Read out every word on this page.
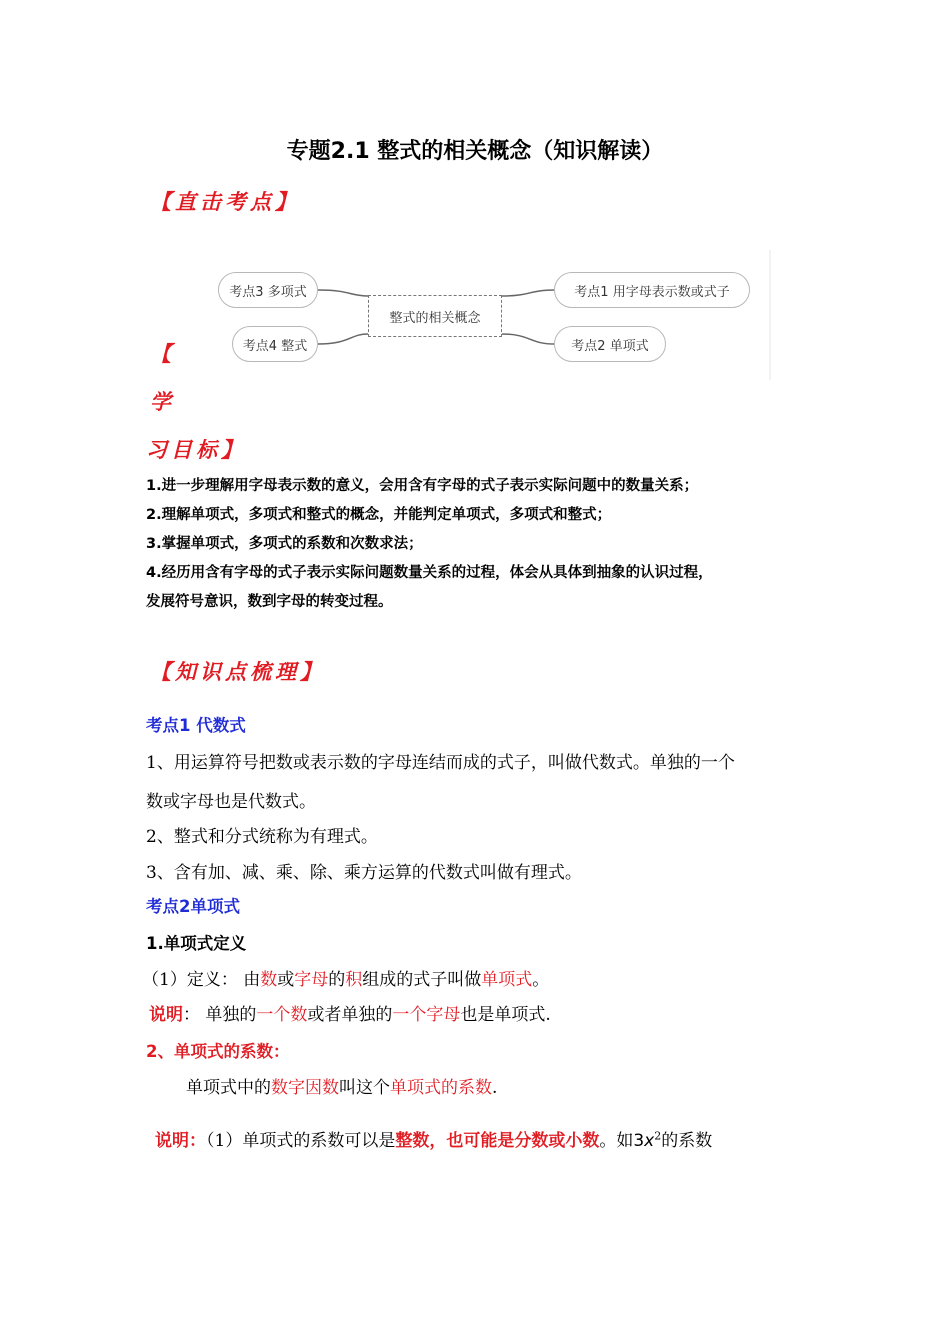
专题2.1 整式的相关概念（知识解读）
【直击考点】
整式的相关概念
考点3 多项式
考点4 整式
考点1 用字母表示数或式子
考点2 单项式
【
学
习目标】
1.进一步理解用字母表示数的意义，会用含有字母的式子表示实际问题中的数量关系；
2.理解单项式，多项式和整式的概念，并能判定单项式，多项式和整式；
3.掌握单项式，多项式的系数和次数求法；
4.经历用含有字母的式子表示实际问题数量关系的过程，体会从具体到抽象的认识过程，
发展符号意识，数到字母的转变过程。
【知识点梳理】
考点1 代数式
1、用运算符号把数或表示数的字母连结而成的式子，叫做代数式。单独的一个
数或字母也是代数式。
2、整式和分式统称为有理式。
3、含有加、减、乘、除、乘方运算的代数式叫做有理式。
考点2单项式
1.单项式定义
（1）定义： 由数或字母的积组成的式子叫做单项式。
说明： 单独的一个数或者单独的一个字母也是单项式.
2、单项式的系数：
单项式中的数字因数叫这个单项式的系数.
说明：（1）单项式的系数可以是整数，也可能是分数或小数。如$3x^2$的系数
